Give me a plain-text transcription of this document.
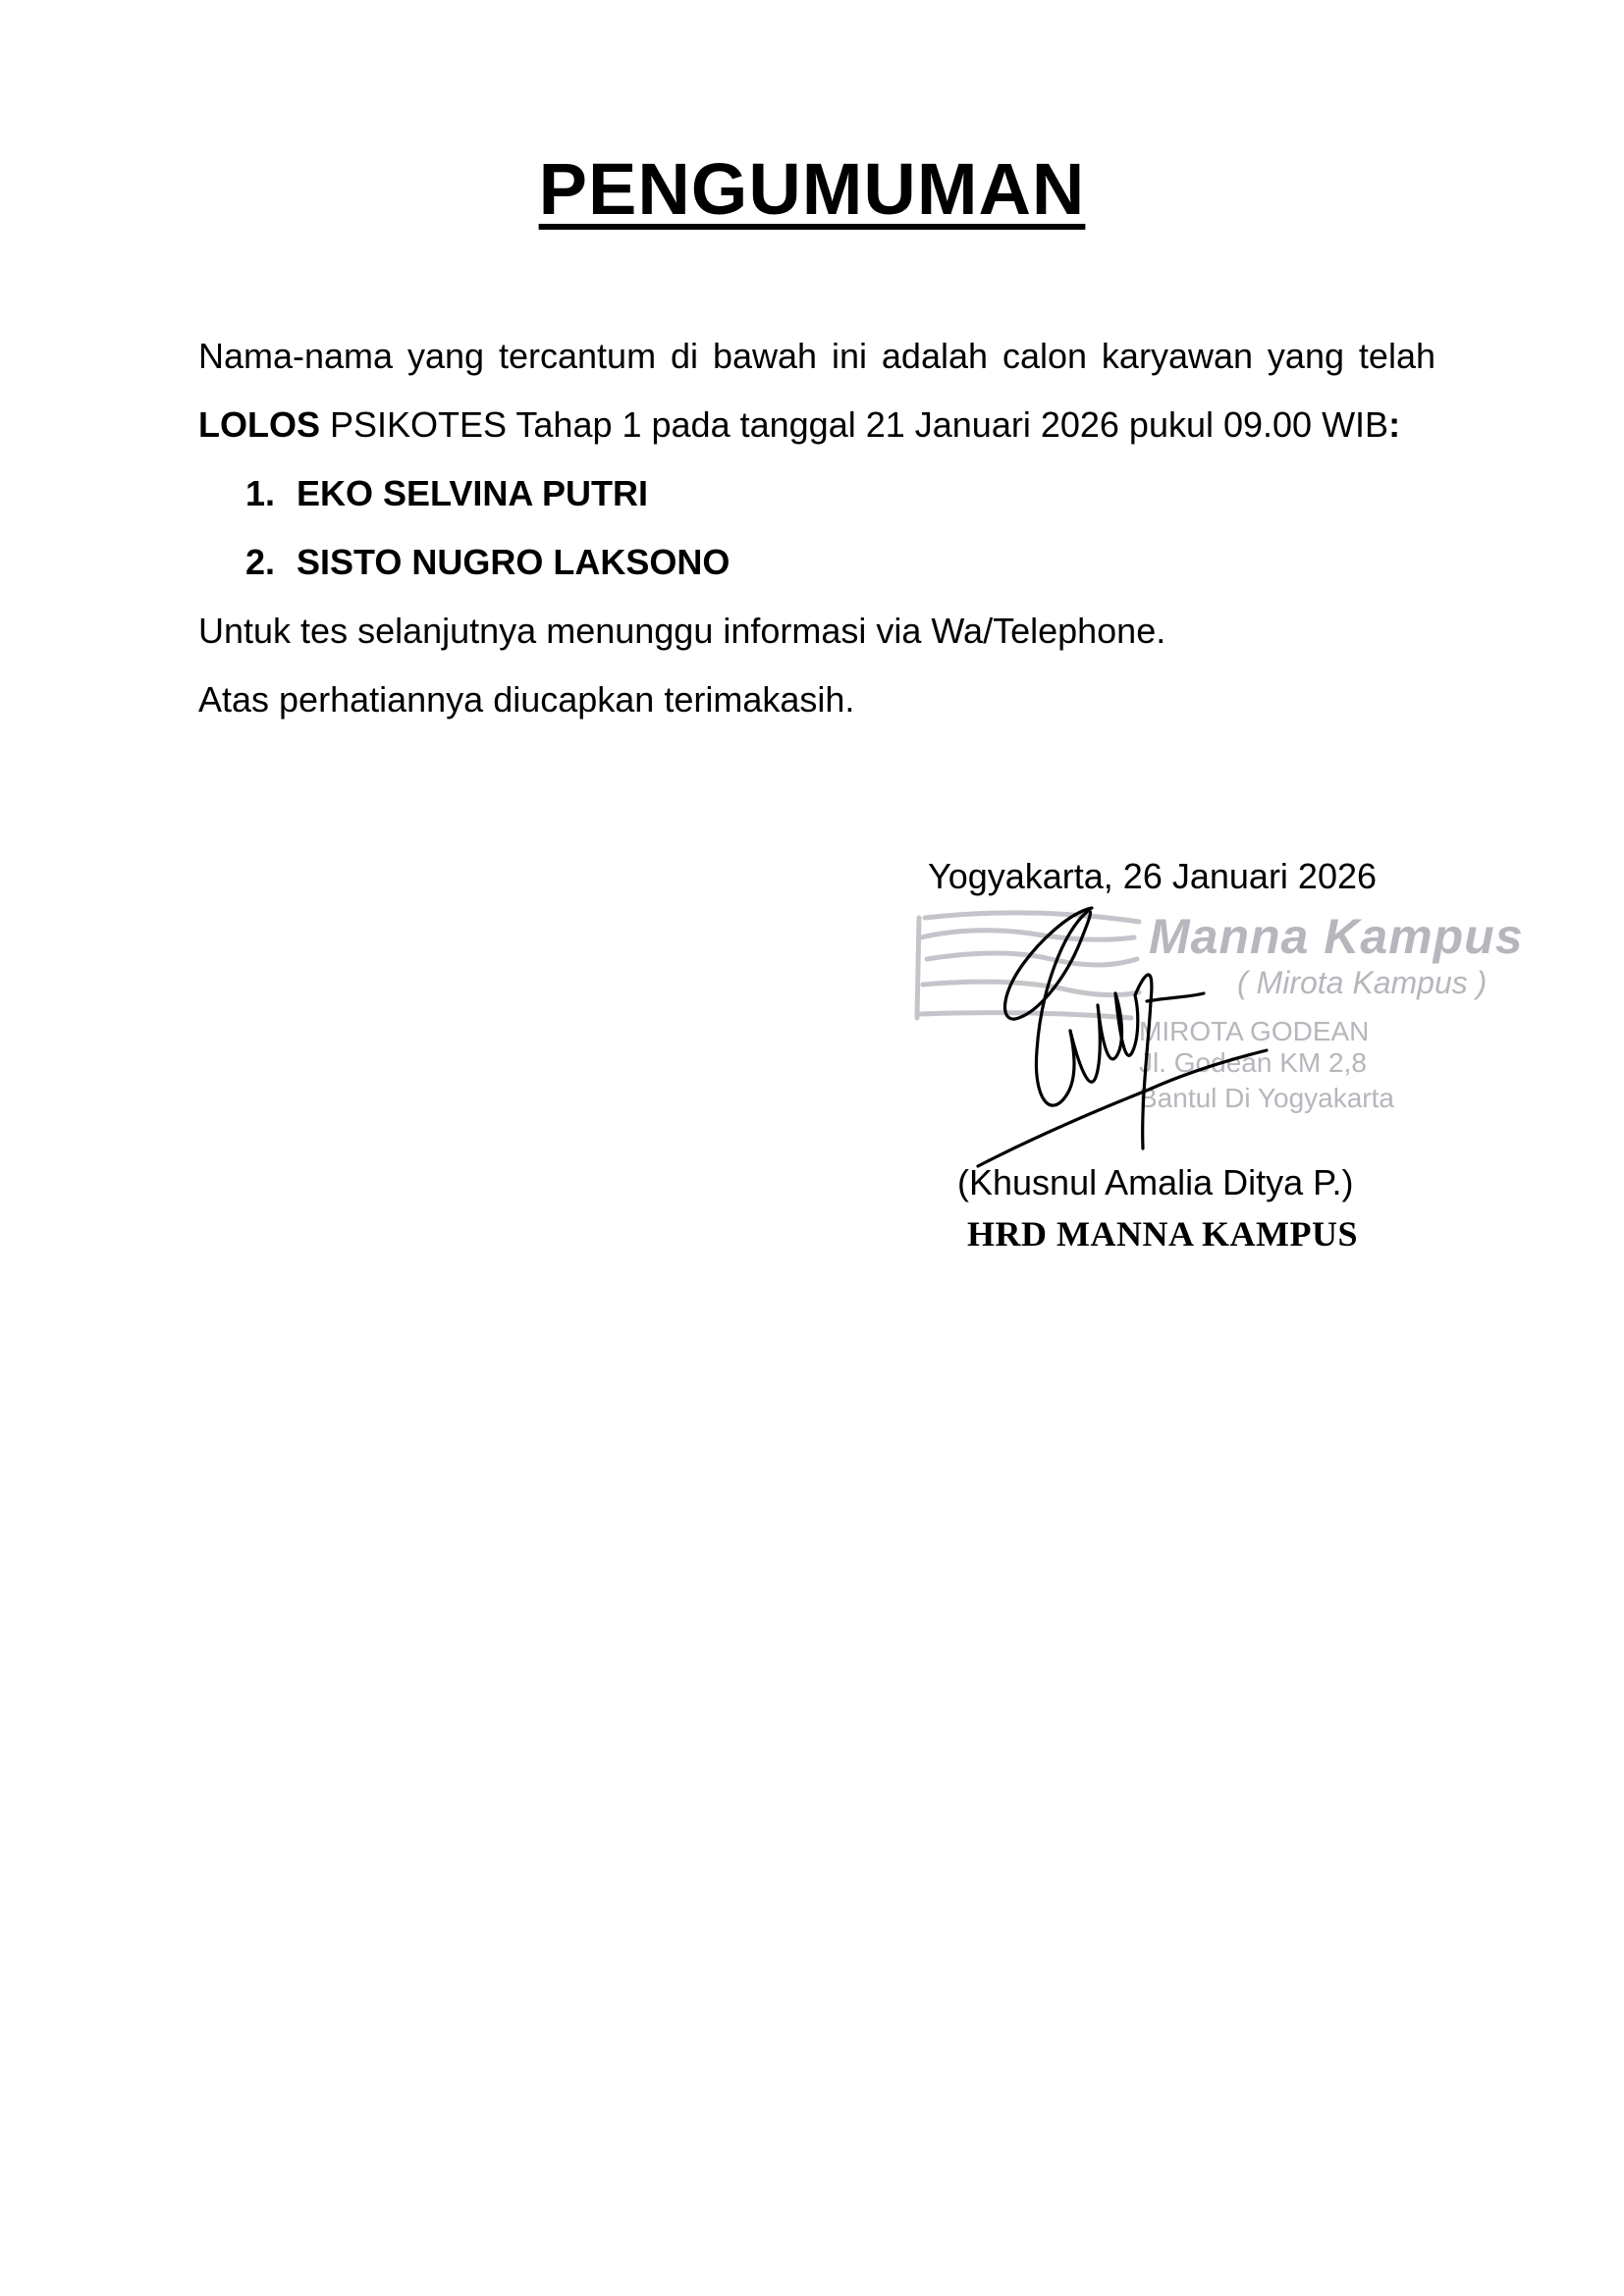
PENGUMUMAN

Nama-nama yang tercantum di bawah ini adalah calon karyawan yang telah LOLOS PSIKOTES Tahap 1 pada tanggal 21 Januari 2026 pukul 09.00 WIB:

1. EKO SELVINA PUTRI
2. SISTO NUGRO LAKSONO

Untuk tes selanjutnya menunggu informasi via Wa/Telephone.

Atas perhatiannya diucapkan terimakasih.

Yogyakarta, 26 Januari 2026
Manna Kampus
( Mirota Kampus )
MIROTA GODEAN
Jl. Godean KM 2,8
Bantul Di Yogyakarta
(Khusnul Amalia Ditya P.)
HRD MANNA KAMPUS
